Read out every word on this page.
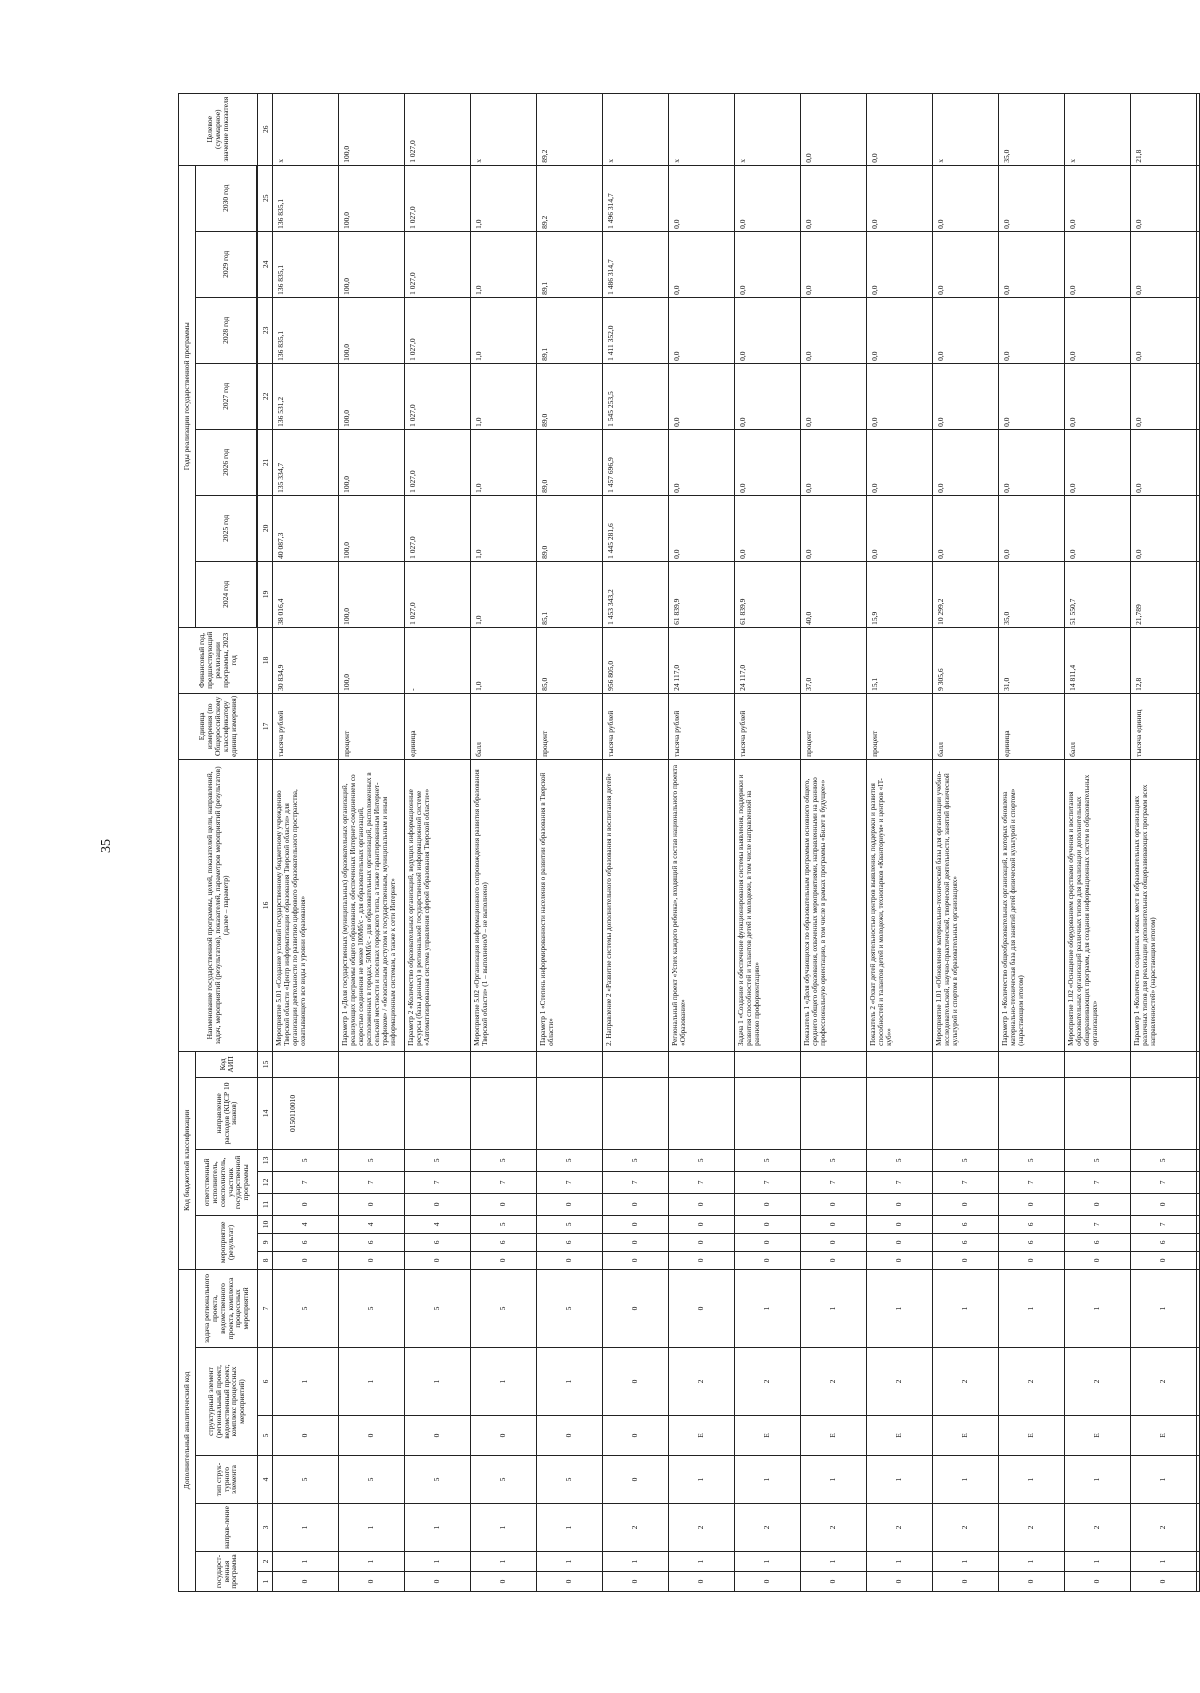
35
Дополнительный аналитический код							Код бюджетной классификации								Наименование государственной программы, целей, показателей цели, направлений, задач, мероприятий (результатов), показателей, параметров мероприятий (результатов) (далее – параметр)	Единица измерения (по Общероссийскому классификатору единиц измерения)	Финансовый год, предшествующий реализации программы, 2023 год	Годы реализации государственной программы							Целевое (суммарное) значение показателя
государст-венная программа		направ-ление	тип струк-турного элемента	структурный элемент (региональный проект, ведомственный проект, комплекс процессных мероприятий)		задача регионального проекта, ведомственного проекта, комплекса процессных мероприятий	мероприятие (результат)			ответственный исполнитель, соисполнитель, участник государственной программы			направление расходов (КЦСР 10 знаков)	Код АИП				2024 год	2025 год	2026 год	2027 год	2028 год	2029 год	2030 год	

1	2	3	4	5	6	7	8	9	10	11	12	13	14	15	16	17	18	19	20	21	22	23	24	25	26
0	1	1	5	0	1	5	0	6	4	0	7	5	0150110010		Мероприятие 5.01 «Создание условий государственному бюджетному учреждению Тверской области «Центр информатизации образования Тверской области» для организации деятельности по развитию цифрового образовательного пространства, охватывающего все виды и уровни образования»	тысяча рублей	30 834,9	38 016,4	40 087,3	135 334,7	136 531,2	136 835,1	136 835,1	136 835,1	x
0	1	1	5	0	1	5	0	6	4	0	7	5			Параметр 1 «Доля государственных (муниципальных) образовательных организаций, реализующих программы общего образования, обеспеченных Интернет-соединением со скоростью соединения не менее 100Мб/c - для образовательных организаций, расположенных в городах, 50Мб/c - для образовательных организаций, расположенных в сельской местности и поселках городского типа, а также гарантированным Интернет-трафиком» / «безопасным доступом к государственным, муниципальным и иным информационным системам, а также к сети Интернет»	процент	100,0	100,0	100,0	100,0	100,0	100,0	100,0	100,0	100,0
0	1	1	5	0	1	5	0	6	4	0	7	5			Параметр 2 «Количество образовательных организаций, ведущих информационные ресурсы (базы данных) в региональной государственной информационной системе «Автоматизированная система управления сферой образования Тверской области»»	единица	-	1 027,0	1 027,0	1 027,0	1 027,0	1 027,0	1 027,0	1 027,0	1 027,0
0	1	1	5	0	1	5	0	6	5	0	7	5			Мероприятие 5.02 «Организация информационного сопровождения развития образования Тверской области» (1 – выполнено/0 – не выполнено)	балл	1,0	1,0	1,0	1,0	1,0	1,0	1,0	1,0	x
0	1	1	5	0	1	5	0	6	5	0	7	5			Параметр 1 «Степень информированности населения о развитии образования в Тверской области»	процент	85,0	85,1	89,0	89,0	89,0	89,1	89,1	89,2	89,2
0	1	2	0	0	0	0	0	0	0	0	7	5			2. Направление 2 «Развитие системы дополнительного образования и воспитания детей»	тысяча рублей	956 805,0	1 453 343,2	1 445 281,6	1 457 696,9	1 545 253,5	1 411 352,0	1 486 314,7	1 496 314,7	x
0	1	2	1	Е	2	0	0	0	0	0	7	5			Региональный проект «Успех каждого ребенка», входящий в состав национального проекта «Образование»	тысяча рублей	24 117,0	61 839,9	0,0	0,0	0,0	0,0	0,0	0,0	x
0	1	2	1	Е	2	1	0	0	0	0	7	5			Задача 1 «Создание и обеспечение функционирования системы выявления, поддержки и развития способностей и талантов детей и молодежи, в том числе направленной на раннюю профориентацию»	тысяча рублей	24 117,0	61 839,9	0,0	0,0	0,0	0,0	0,0	0,0	x
0	1	2	1	Е	2	1	0	0	0	0	7	5			Показатель 1 «Доля обучающихся по образовательным программам основного общего, среднего общего образования, охваченных мероприятиями, направленными на раннюю профессиональную ориентацию, в том числе в рамках программы «Билет в будущее»»	процент	37,0	40,0	0,0	0,0	0,0	0,0	0,0	0,0	0,0
0	1	2	1	Е	2	1	0	0	0	0	7	5			Показатель 2 «Охват детей деятельностью центров выявления, поддержки и развития способностей и талантов детей и молодежи, технопарков «Кванториум» и центров «IT-куб»»	процент	15,1	15,9	0,0	0,0	0,0	0,0	0,0	0,0	0,0
0	1	2	1	Е	2	1	0	6	6	0	7	5			Мероприятие 1.01 «Обновление материально-технической базы для организации учебно-исследовательской, научно-практической, творческой деятельности, занятий физической культурой и спортом в образовательных организациях»	балл	9 305,6	10 299,2	0,0	0,0	0,0	0,0	0,0	0,0	x
0	1	2	1	Е	2	1	0	6	6	0	7	5			Параметр 1 «Количество общеобразовательных организаций, в которых обновлена материально-техническая база для занятий детей физической культурой и спортом» (нарастающим итогом)	единица	31,0	35,0	0,0	0,0	0,0	0,0	0,0	0,0	35,0
0	1	2	1	Е	2	1	0	6	7	0	7	5			Мероприятие 1.02 «Оснащение оборудованием средствами обучения и воспитания образовательных организаций различных типов для реализации дополнительных общеразвивающих программ, для создания информационных систем в образовательных организациях»	балл	14 811,4	51 550,7	0,0	0,0	0,0	0,0	0,0	0,0	x
0	1	2	1	Е	2	1	0	6	7	0	7	5			Параметр 1 «Количество созданных новых мест в образовательных организациях различных типов для реализации дополнительных общеразвивающих программ всех направленностей» (нарастающим итогом)	тысяча единиц	12,8	21,789	0,0	0,0	0,0	0,0	0,0	0,0	21,8
